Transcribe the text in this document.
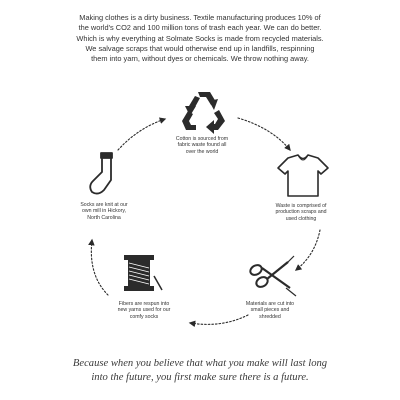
Making clothes is a dirty business. Textile manufacturing produces 10% of
the world's CO2 and 100 million tons of trash each year. We can do better.
Which is why everything at Solmate Socks is made from recycled materials.
We salvage scraps that would otherwise end up in landfills, respinning
them into yarn, without dyes or chemicals. We throw nothing away.

Cotton is sourced from
fabric waste found all
over the world
Waste is comprised of
production scraps and
used clothing
Materials are cut into
small pieces and
shredded
Fibers are respun into
new yarns used for our
comfy socks
Socks are knit at our
own mill in Hickory,
North Carolina

Because when you believe that what you make will last long
into the future, you first make sure there is a future.
